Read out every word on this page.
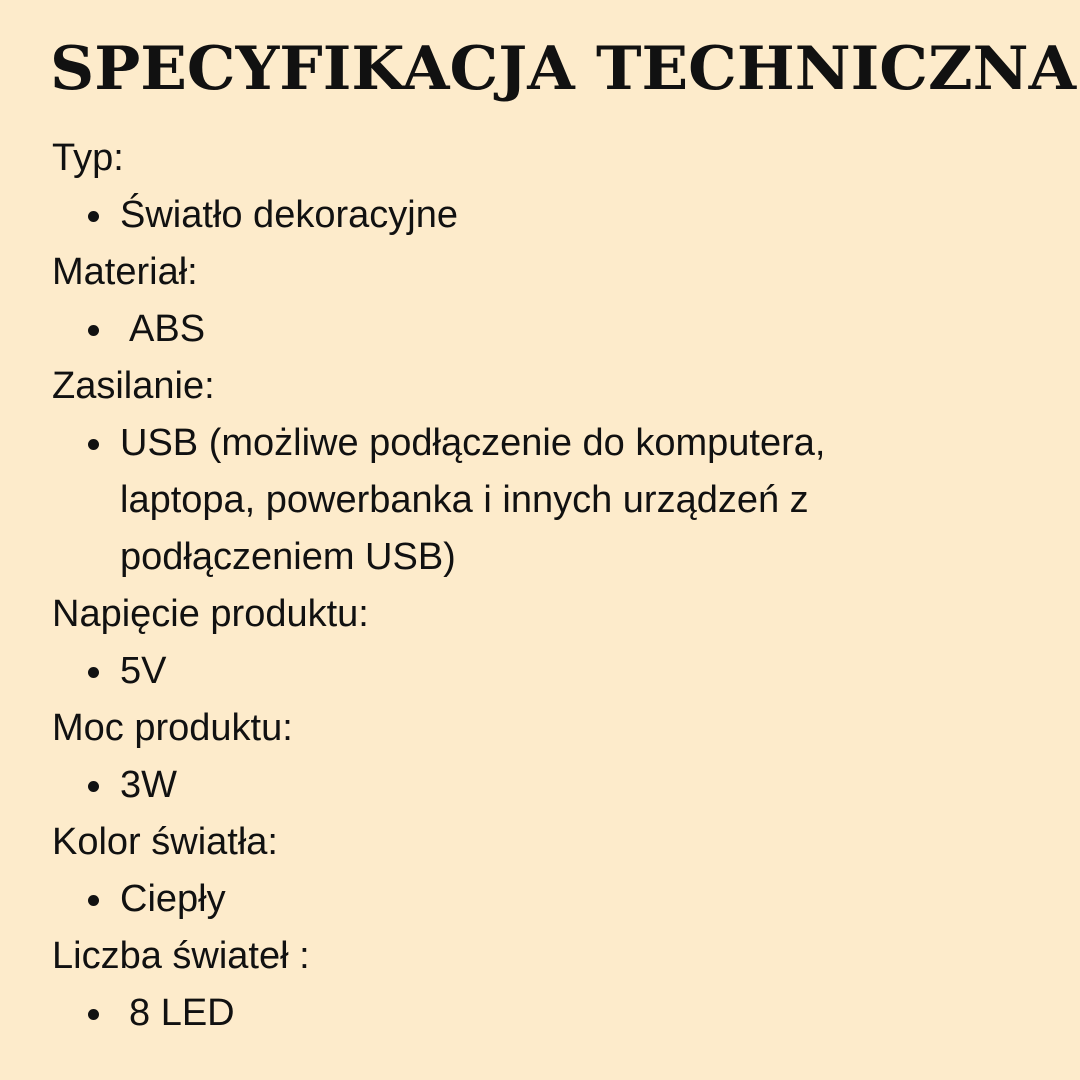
SPECYFIKACJA TECHNICZNA
Typ:
Światło dekoracyjne
Materiał:
ABS
Zasilanie:
USB (możliwe podłączenie do komputera, laptopa, powerbanka i innych urządzeń z podłączeniem USB)
Napięcie produktu:
5V
Moc produktu:
3W
Kolor światła:
Ciepły
Liczba świateł :
8 LED
